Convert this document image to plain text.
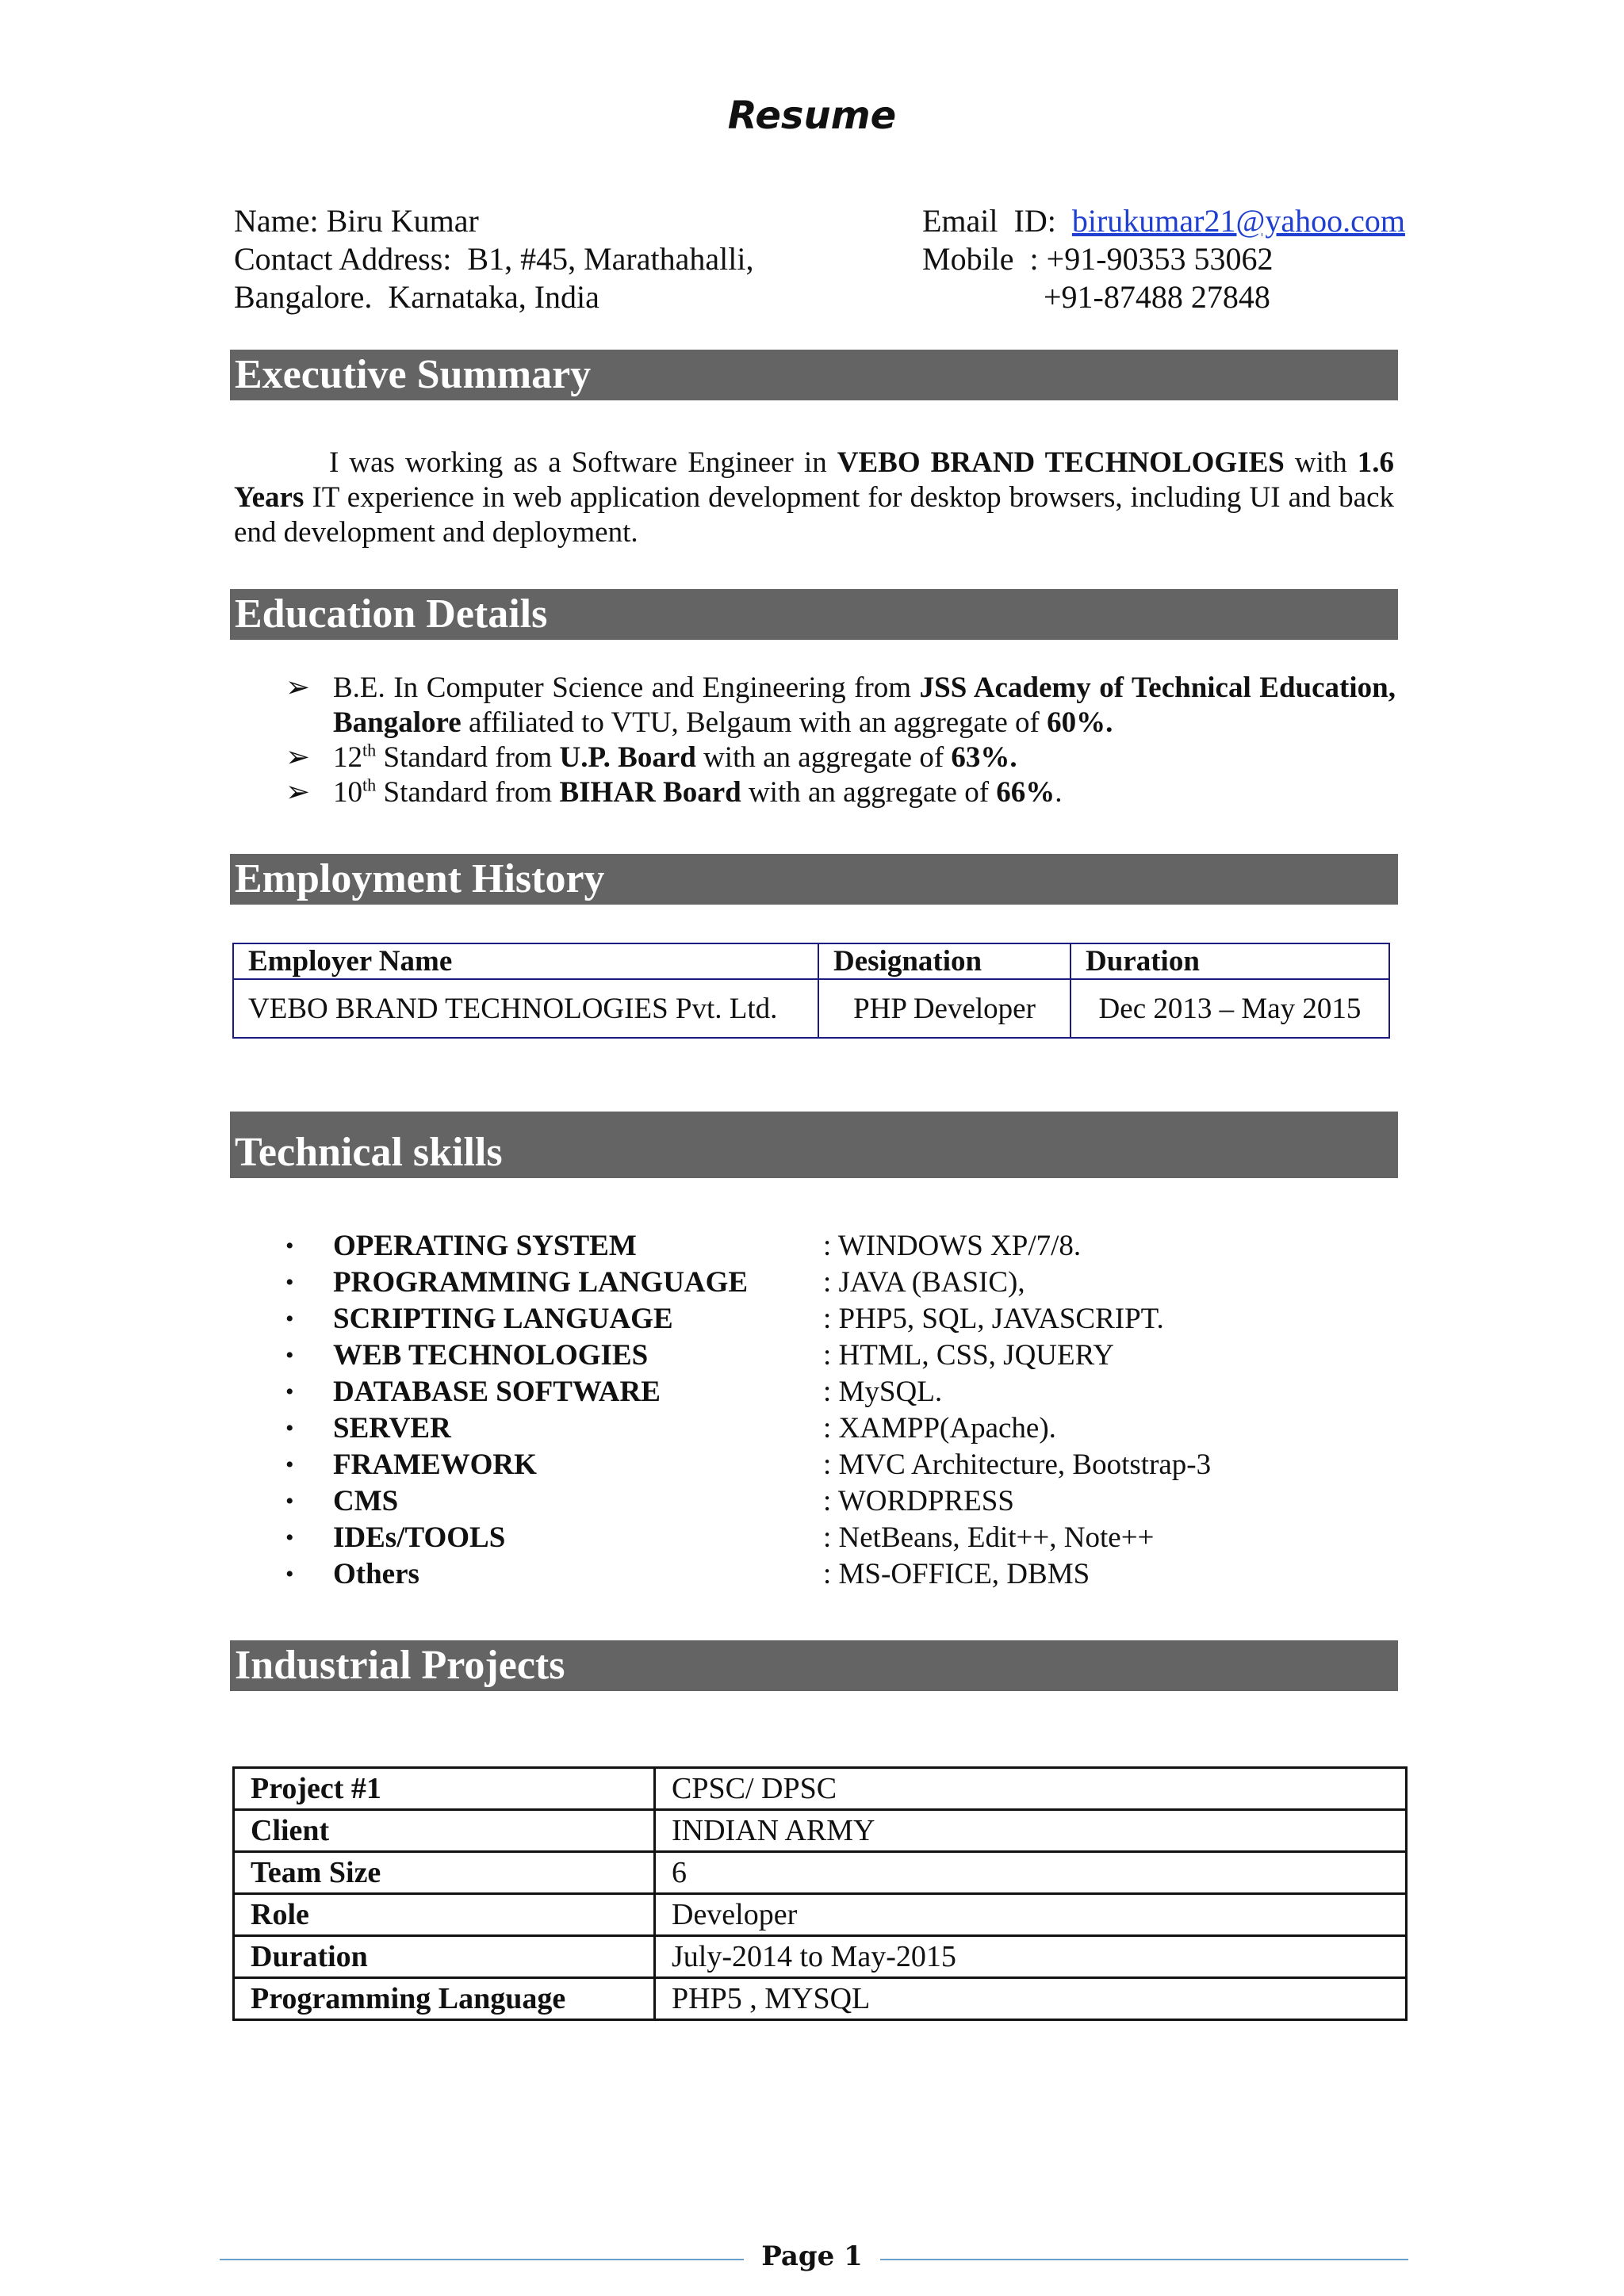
Resume
Name: Biru Kumar
Contact Address: B1, #45, Marathahalli,
Bangalore.  Karnataka, India
Email  ID: birukumar21@yahoo.com
Mobile  : +91-90353 53062
+91-87488 27848
Executive Summary
I was working as a Software Engineer in VEBO BRAND TECHNOLOGIES with 1.6 Years IT experience in web application development for desktop browsers, including UI and back end development and deployment.
Education Details
➢ B.E. In Computer Science and Engineering from JSS Academy of Technical Education, Bangalore affiliated to VTU, Belgaum with an aggregate of 60%.
➢ 12th Standard from U.P. Board with an aggregate of 63%.
➢ 10th Standard from BIHAR Board with an aggregate of 66%.
Employment History
Employer Name	Designation	Duration
VEBO BRAND TECHNOLOGIES Pvt. Ltd.	PHP Developer	Dec 2013 – May 2015
Technical skills
• OPERATING SYSTEM	: WINDOWS XP/7/8.
• PROGRAMMING LANGUAGE	: JAVA (BASIC),
• SCRIPTING LANGUAGE	: PHP5, SQL, JAVASCRIPT.
• WEB TECHNOLOGIES	: HTML, CSS, JQUERY
• DATABASE SOFTWARE	: MySQL.
• SERVER	: XAMPP(Apache).
• FRAMEWORK	: MVC Architecture, Bootstrap-3
• CMS	: WORDPRESS
• IDEs/TOOLS	: NetBeans, Edit++, Note++
• Others	: MS-OFFICE, DBMS
Industrial Projects
Project #1	CPSC/ DPSC
Client	INDIAN ARMY
Team Size	6
Role	Developer
Duration	July-2014 to May-2015
Programming Language	PHP5 , MYSQL
Page 1
